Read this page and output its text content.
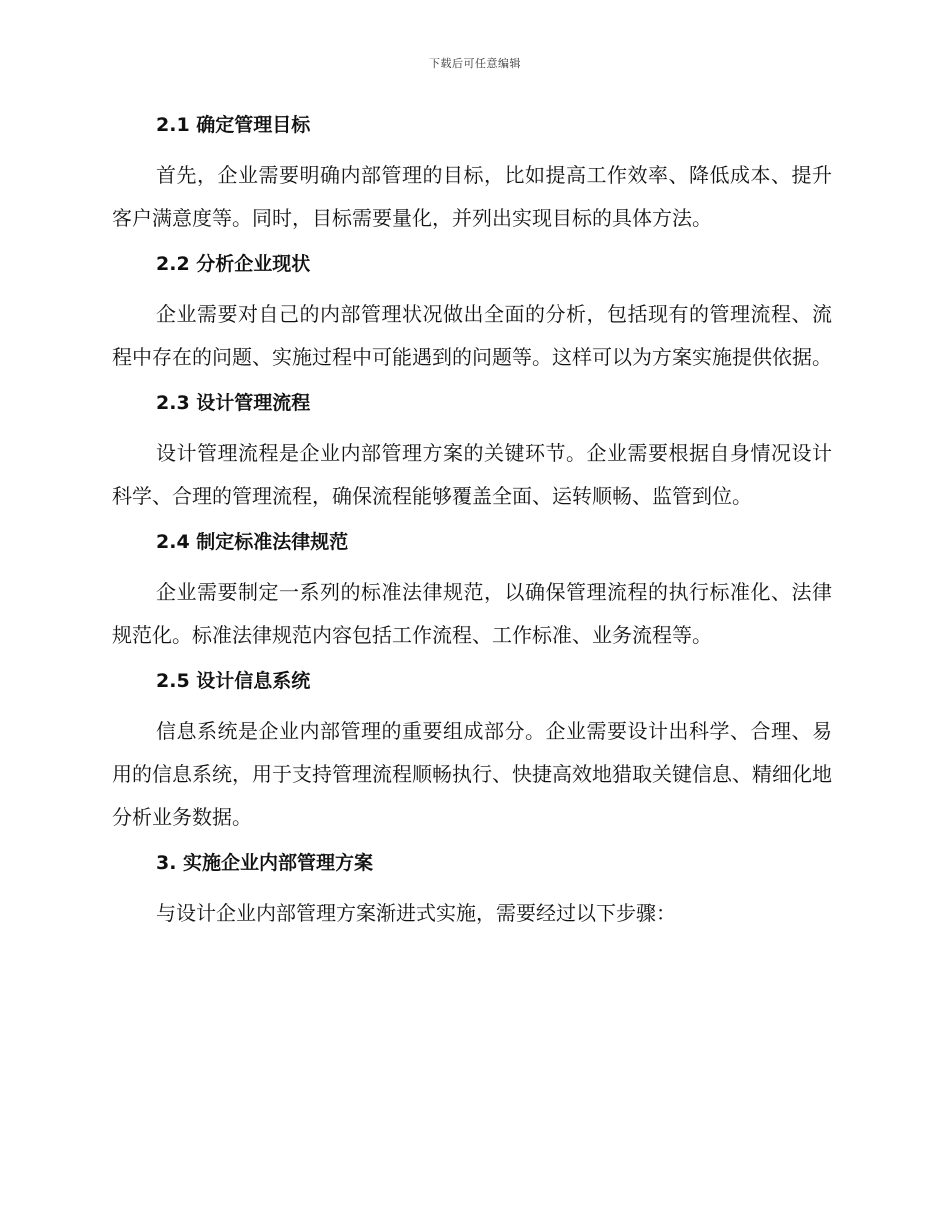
下载后可任意编辑
2.1 确定管理目标

首先，企业需要明确内部管理的目标，比如提高工作效率、降低成本、提升客户满意度等。同时，目标需要量化，并列出实现目标的具体方法。

2.2 分析企业现状

企业需要对自己的内部管理状况做出全面的分析，包括现有的管理流程、流程中存在的问题、实施过程中可能遇到的问题等。这样可以为方案实施提供依据。

2.3 设计管理流程

设计管理流程是企业内部管理方案的关键环节。企业需要根据自身情况设计科学、合理的管理流程，确保流程能够覆盖全面、运转顺畅、监管到位。

2.4 制定标准法律规范

企业需要制定一系列的标准法律规范，以确保管理流程的执行标准化、法律规范化。标准法律规范内容包括工作流程、工作标准、业务流程等。

2.5 设计信息系统

信息系统是企业内部管理的重要组成部分。企业需要设计出科学、合理、易用的信息系统，用于支持管理流程顺畅执行、快捷高效地猎取关键信息、精细化地分析业务数据。

3. 实施企业内部管理方案

与设计企业内部管理方案渐进式实施，需要经过以下步骤：
